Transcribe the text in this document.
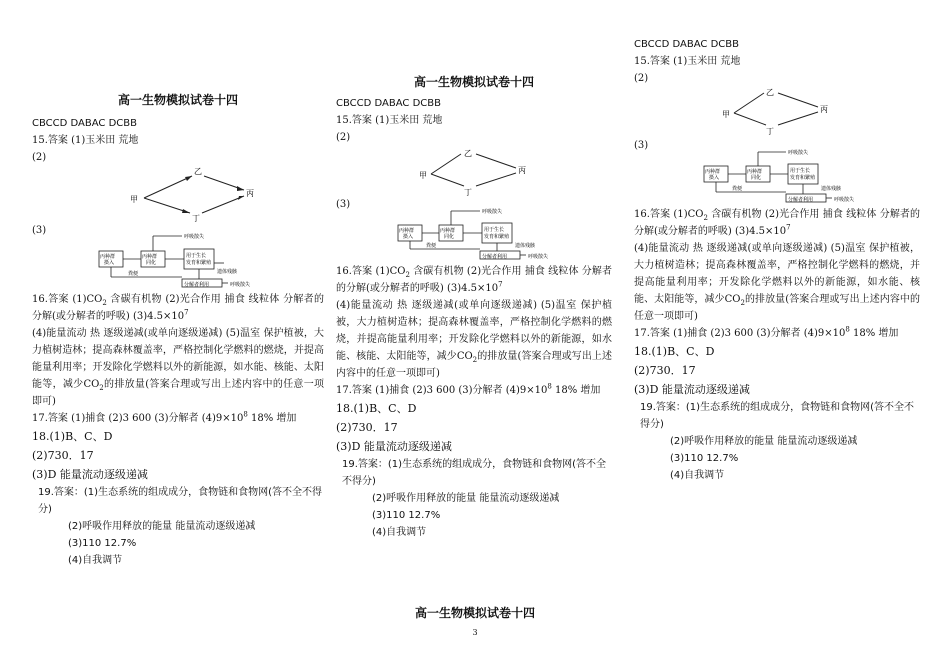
高一生物模拟试卷十四

CBCCD DABAC DCBB

15.答案 (1)玉米田 荒地

(2)

甲
乙
丙
丁

(3)

丙种群
摄入
丙种群
同化
用于生长
发育和繁殖
分解者利用
呼吸散失
呼吸散失
粪便	遗体残骸

16.答案 $(1)CO_2$ 含碳有机物 (2)光合作用 捕食 线粒体 分解者的分解(或分解者的呼吸) $(3)4.5\times 10^7$

(4)能量流动 热 逐级递减(或单向逐级递减) (5)温室 保护植被，大力植树造林；提高森林覆盖率，严格控制化学燃料的燃烧，并提高能量利用率；开发除化学燃料以外的新能源，如水能、核能、太阳能等，减少$CO_2$的排放量(答案合理或写出上述内容中的任意一项即可)

17.答案 (1)捕食 (2)3 600 (3)分解者 $(4)9\times 10^8$ 18% 增加

18.(1)B、C、D

(2)730．17

(3)D 能量流动逐级递减

19.答案：(1)生态系统的组成成分，食物链和食物网(答不全不得分)

(2)呼吸作用释放的能量 能量流动逐级递减

(3)110 12.7%

(4)自我调节

高一生物模拟试卷十四

CBCCD DABAC DCBB

15.答案 (1)玉米田 荒地

(2)

甲
乙
丙
丁

(3)

丙种群
摄入
丙种群
同化
用于生长
发育和繁殖
分解者利用
呼吸散失
呼吸散失
粪便	遗体残骸

16.答案 $(1)CO_2$ 含碳有机物 (2)光合作用 捕食 线粒体 分解者的分解(或分解者的呼吸) $(3)4.5\times 10^7$

(4)能量流动 热 逐级递减(或单向逐级递减) (5)温室 保护植被，大力植树造林；提高森林覆盖率，严格控制化学燃料的燃烧，并提高能量利用率；开发除化学燃料以外的新能源，如水能、核能、太阳能等，减少$CO_2$的排放量(答案合理或写出上述内容中的任意一项即可)

17.答案 (1)捕食 (2)3 600 (3)分解者 $(4)9\times 10^8$ 18% 增加

18.(1)B、C、D

(2)730．17

(3)D 能量流动逐级递减

19.答案：(1)生态系统的组成成分，食物链和食物网(答不全不得分)

(2)呼吸作用释放的能量 能量流动逐级递减

(3)110 12.7%

(4)自我调节

CBCCD DABAC DCBB

15.答案 (1)玉米田 荒地

(2)

甲
乙
丙
丁

(3)

丙种群
摄入
丙种群
同化
用于生长
发育和繁殖
分解者利用
呼吸散失
呼吸散失
粪便	遗体残骸

16.答案 $(1)CO_2$ 含碳有机物 (2)光合作用 捕食 线粒体 分解者的分解(或分解者的呼吸) $(3)4.5\times 10^7$

(4)能量流动 热 逐级递减(或单向逐级递减) (5)温室 保护植被，大力植树造林；提高森林覆盖率，严格控制化学燃料的燃烧，并提高能量利用率；开发除化学燃料以外的新能源，如水能、核能、太阳能等，减少$CO_2$的排放量(答案合理或写出上述内容中的任意一项即可)

17.答案 (1)捕食 (2)3 600 (3)分解者 $(4)9\times 10^8$ 18% 增加

18.(1)B、C、D

(2)730．17

(3)D 能量流动逐级递减

19.答案：(1)生态系统的组成成分，食物链和食物网(答不全不得分)

(2)呼吸作用释放的能量 能量流动逐级递减

(3)110 12.7%

(4)自我调节

高一生物模拟试卷十四
3
